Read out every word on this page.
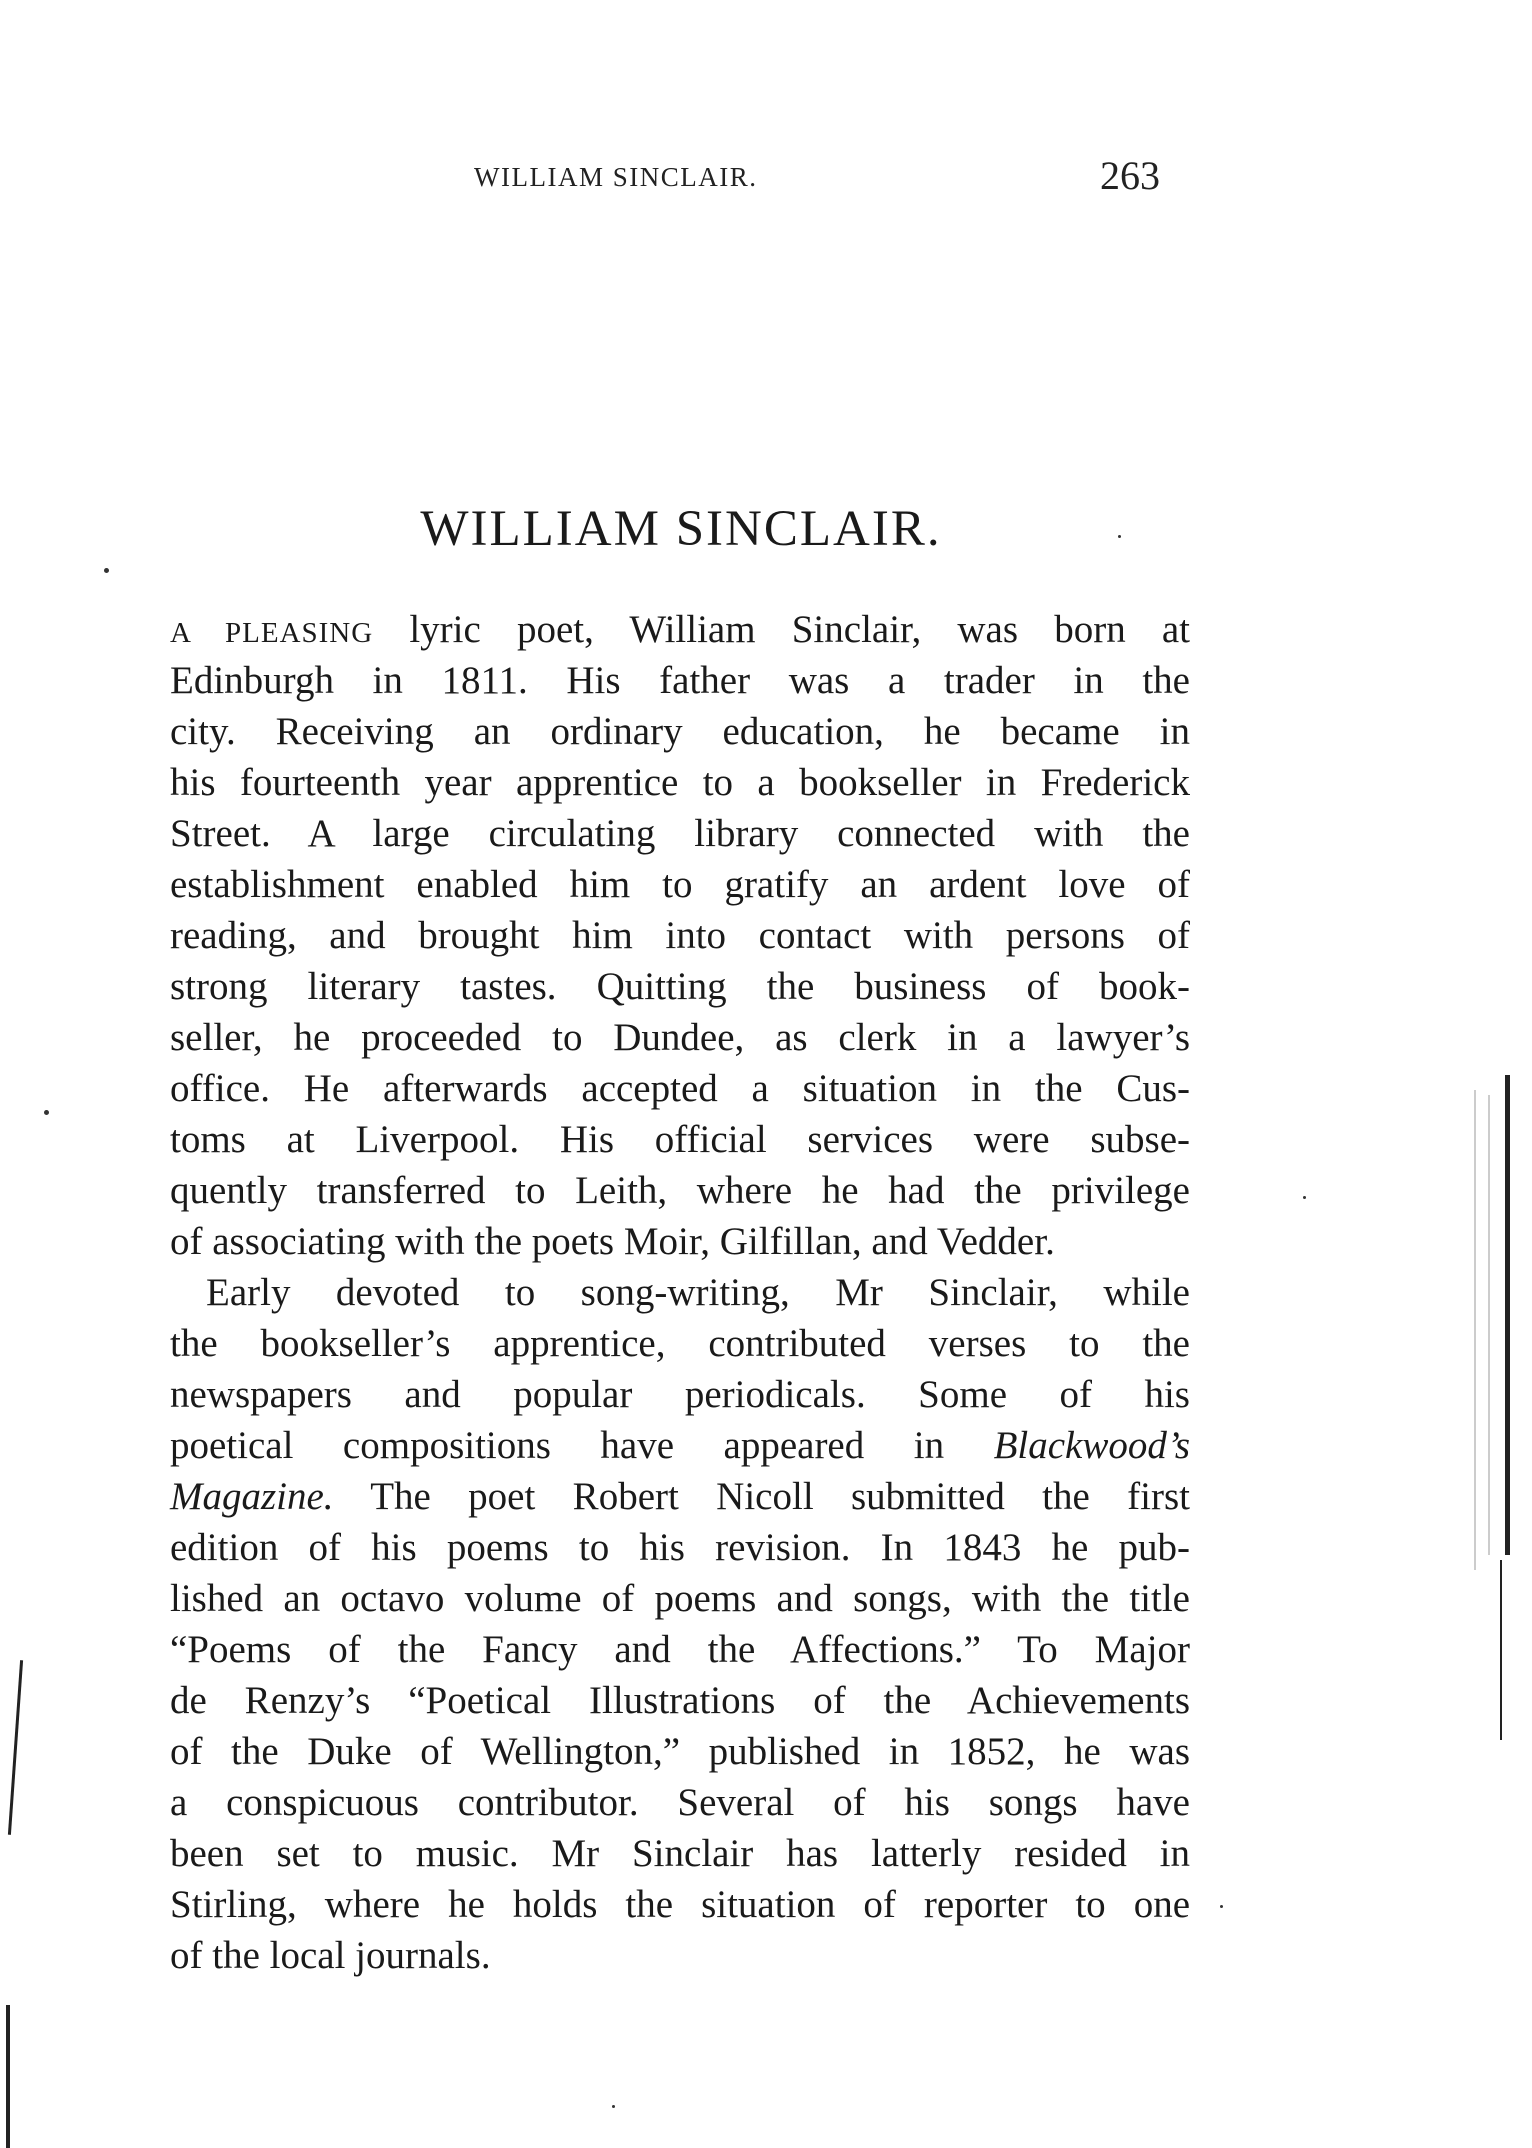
WILLIAM SINCLAIR.	263
WILLIAM SINCLAIR.
A PLEASING lyric poet, William Sinclair, was born at
Edinburgh in 1811. His father was a trader in the
city. Receiving an ordinary education, he became in
his fourteenth year apprentice to a bookseller in Frederick
Street. A large circulating library connected with the
establishment enabled him to gratify an ardent love of
reading, and brought him into contact with persons of
strong literary tastes. Quitting the business of book-
seller, he proceeded to Dundee, as clerk in a lawyer’s
office. He afterwards accepted a situation in the Cus-
toms at Liverpool. His official services were subse-
quently transferred to Leith, where he had the privilege
of associating with the poets Moir, Gilfillan, and Vedder.
Early devoted to song-writing, Mr Sinclair, while
the bookseller’s apprentice, contributed verses to the
newspapers and popular periodicals. Some of his
poetical compositions have appeared in Blackwood’s
Magazine. The poet Robert Nicoll submitted the first
edition of his poems to his revision. In 1843 he pub-
lished an octavo volume of poems and songs, with the title
“Poems of the Fancy and the Affections.” To Major
de Renzy’s “Poetical Illustrations of the Achievements
of the Duke of Wellington,” published in 1852, he was
a conspicuous contributor. Several of his songs have
been set to music. Mr Sinclair has latterly resided in
Stirling, where he holds the situation of reporter to one
of the local journals.
